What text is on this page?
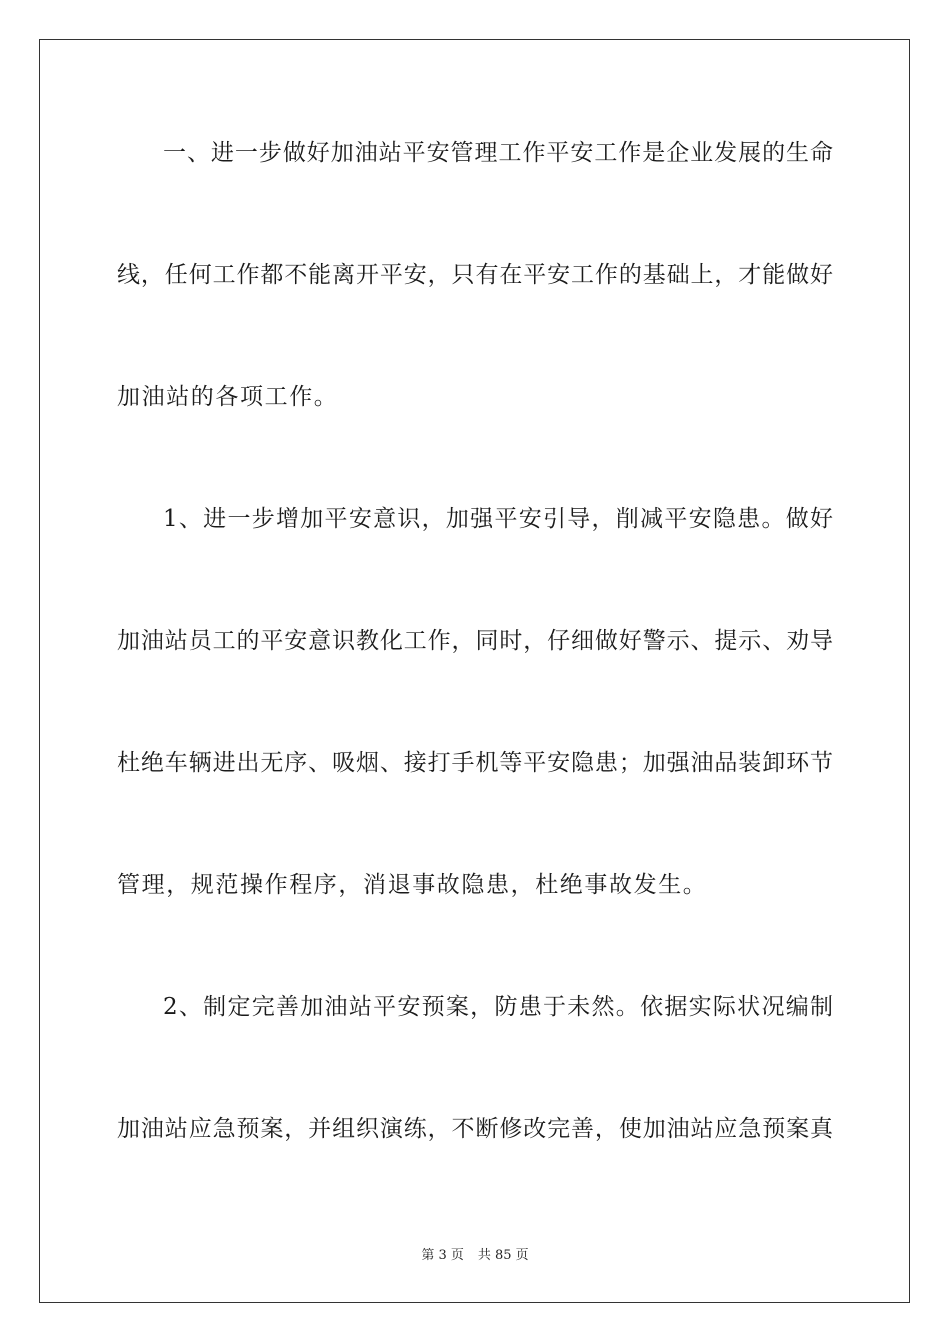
一、进一步做好加油站平安管理工作平安工作是企业发展的生命
线，任何工作都不能离开平安，只有在平安工作的基础上，才能做好
加油站的各项工作。
1、进一步增加平安意识，加强平安引导，削减平安隐患。做好
加油站员工的平安意识教化工作，同时，仔细做好警示、提示、劝导
杜绝车辆进出无序、吸烟、接打手机等平安隐患；加强油品装卸环节
管理，规范操作程序，消退事故隐患，杜绝事故发生。
2、制定完善加油站平安预案，防患于未然。依据实际状况编制
加油站应急预案，并组织演练，不断修改完善，使加油站应急预案真
第 3 页 共 85 页
